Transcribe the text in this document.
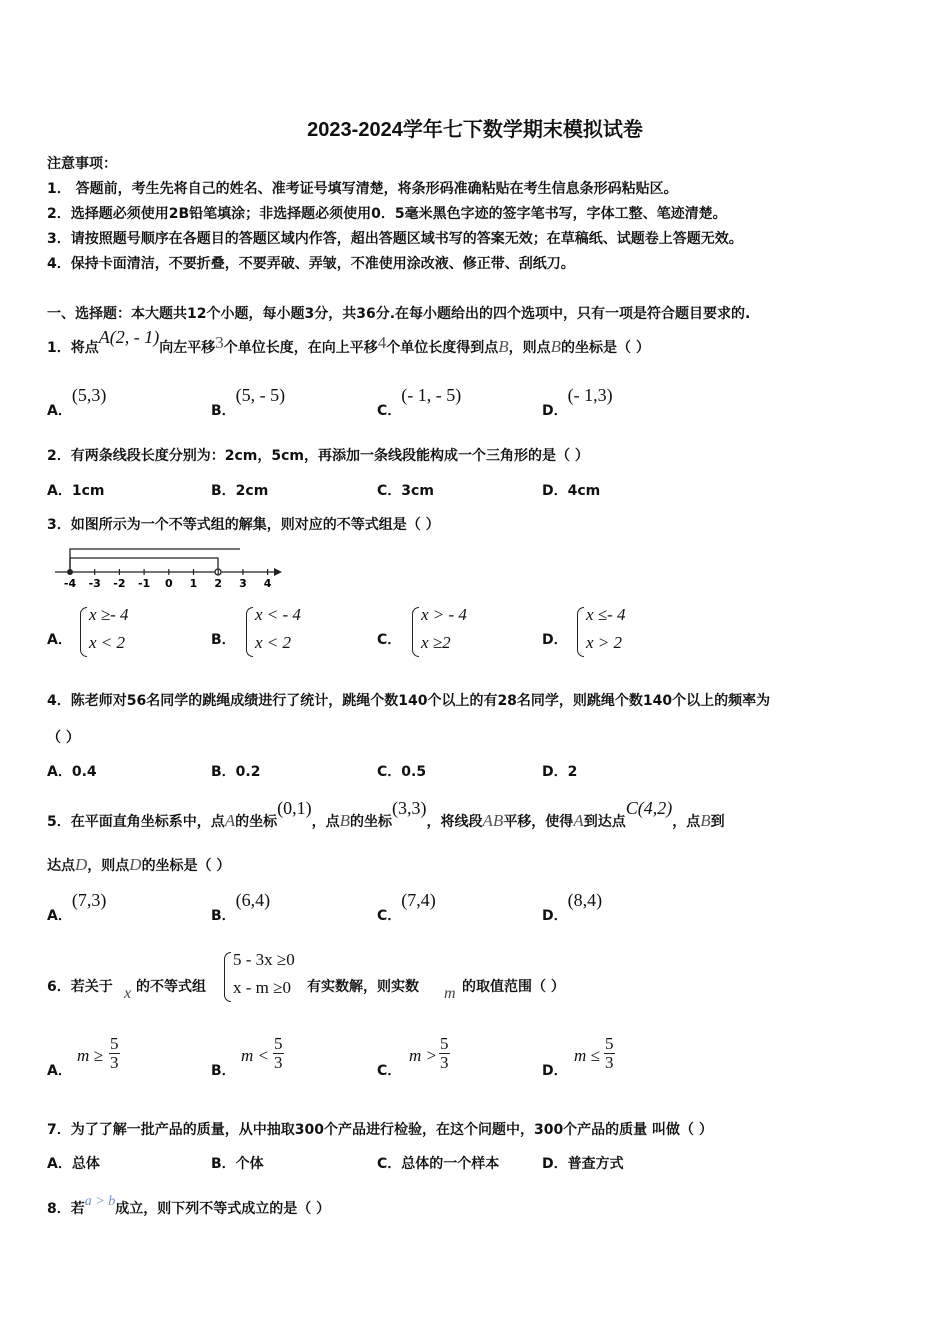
2023-2024学年七下数学期末模拟试卷
注意事项：
1． 答题前，考生先将自己的姓名、准考证号填写清楚，将条形码准确粘贴在考生信息条形码粘贴区。
2．选择题必须使用2B铅笔填涂；非选择题必须使用0．5毫米黑色字迹的签字笔书写，字体工整、笔迹清楚。
3．请按照题号顺序在各题目的答题区域内作答，超出答题区域书写的答案无效；在草稿纸、试题卷上答题无效。
4．保持卡面清洁，不要折叠，不要弄破、弄皱，不准使用涂改液、修正带、刮纸刀。
一、选择题：本大题共12个小题，每小题3分，共36分.在每小题给出的四个选项中，只有一项是符合题目要求的.
1．将点
A(2, - 1)
向左平移 3 个单位长度，在向上平移 4 个单位长度得到点 B ，则点 B 的坐标是（ ）
A．(5,3)
B．(5, - 5)
C．(- 1, - 5)
D．(- 1,3)
2．有两条线段长度分别为：2cm，5cm，再添加一条线段能构成一个三角形的是（ ）
A．1cm	B．2cm	C．3cm	D．4cm
3．如图所示为一个不等式组的解集，则对应的不等式组是（ ）
-4 -3 -2 -1 0 1 2 3 4
A．
x ≥- 4
x < 2	B．
x < - 4
x < 2	C．
x > - 4
x ≥2	D．
x ≤- 4
x > 2
4．陈老师对56名同学的跳绳成绩进行了统计，跳绳个数140个以上的有28名同学，则跳绳个数140个以上的频率为
（ ）
A．0.4	B．0.2	C．0.5	D．2
5．在平面直角坐标系中，点 A 的坐标
(0,1)
，点 B 的坐标
(3,3)
，将线段 AB 平移，使得 A 到达点
C(4,2)
，点 B 到
达点 D ，则点 D 的坐标是（ ）
A．(7,3)
B．(6,4)
C．(7,4)
D．(8,4)
6．若关于 x 的不等式组
5 - 3x ≥0
x - m ≥0 有实数解，则实数 m 的取值范围（ ）
A．
$m \ge \frac{5}{3}$	B．
$m < \frac{5}{3}$	C．
$m > \frac{5}{3}$	D．
$m \le \frac{5}{3}$
7．为了了解一批产品的质量，从中抽取300个产品进行检验，在这个问题中，300个产品的质量 叫做（ ）
A．总体	B．个体	C．总体的一个样本	D．普查方式
8．若 a > b 成立，则下列不等式成立的是（ ）
